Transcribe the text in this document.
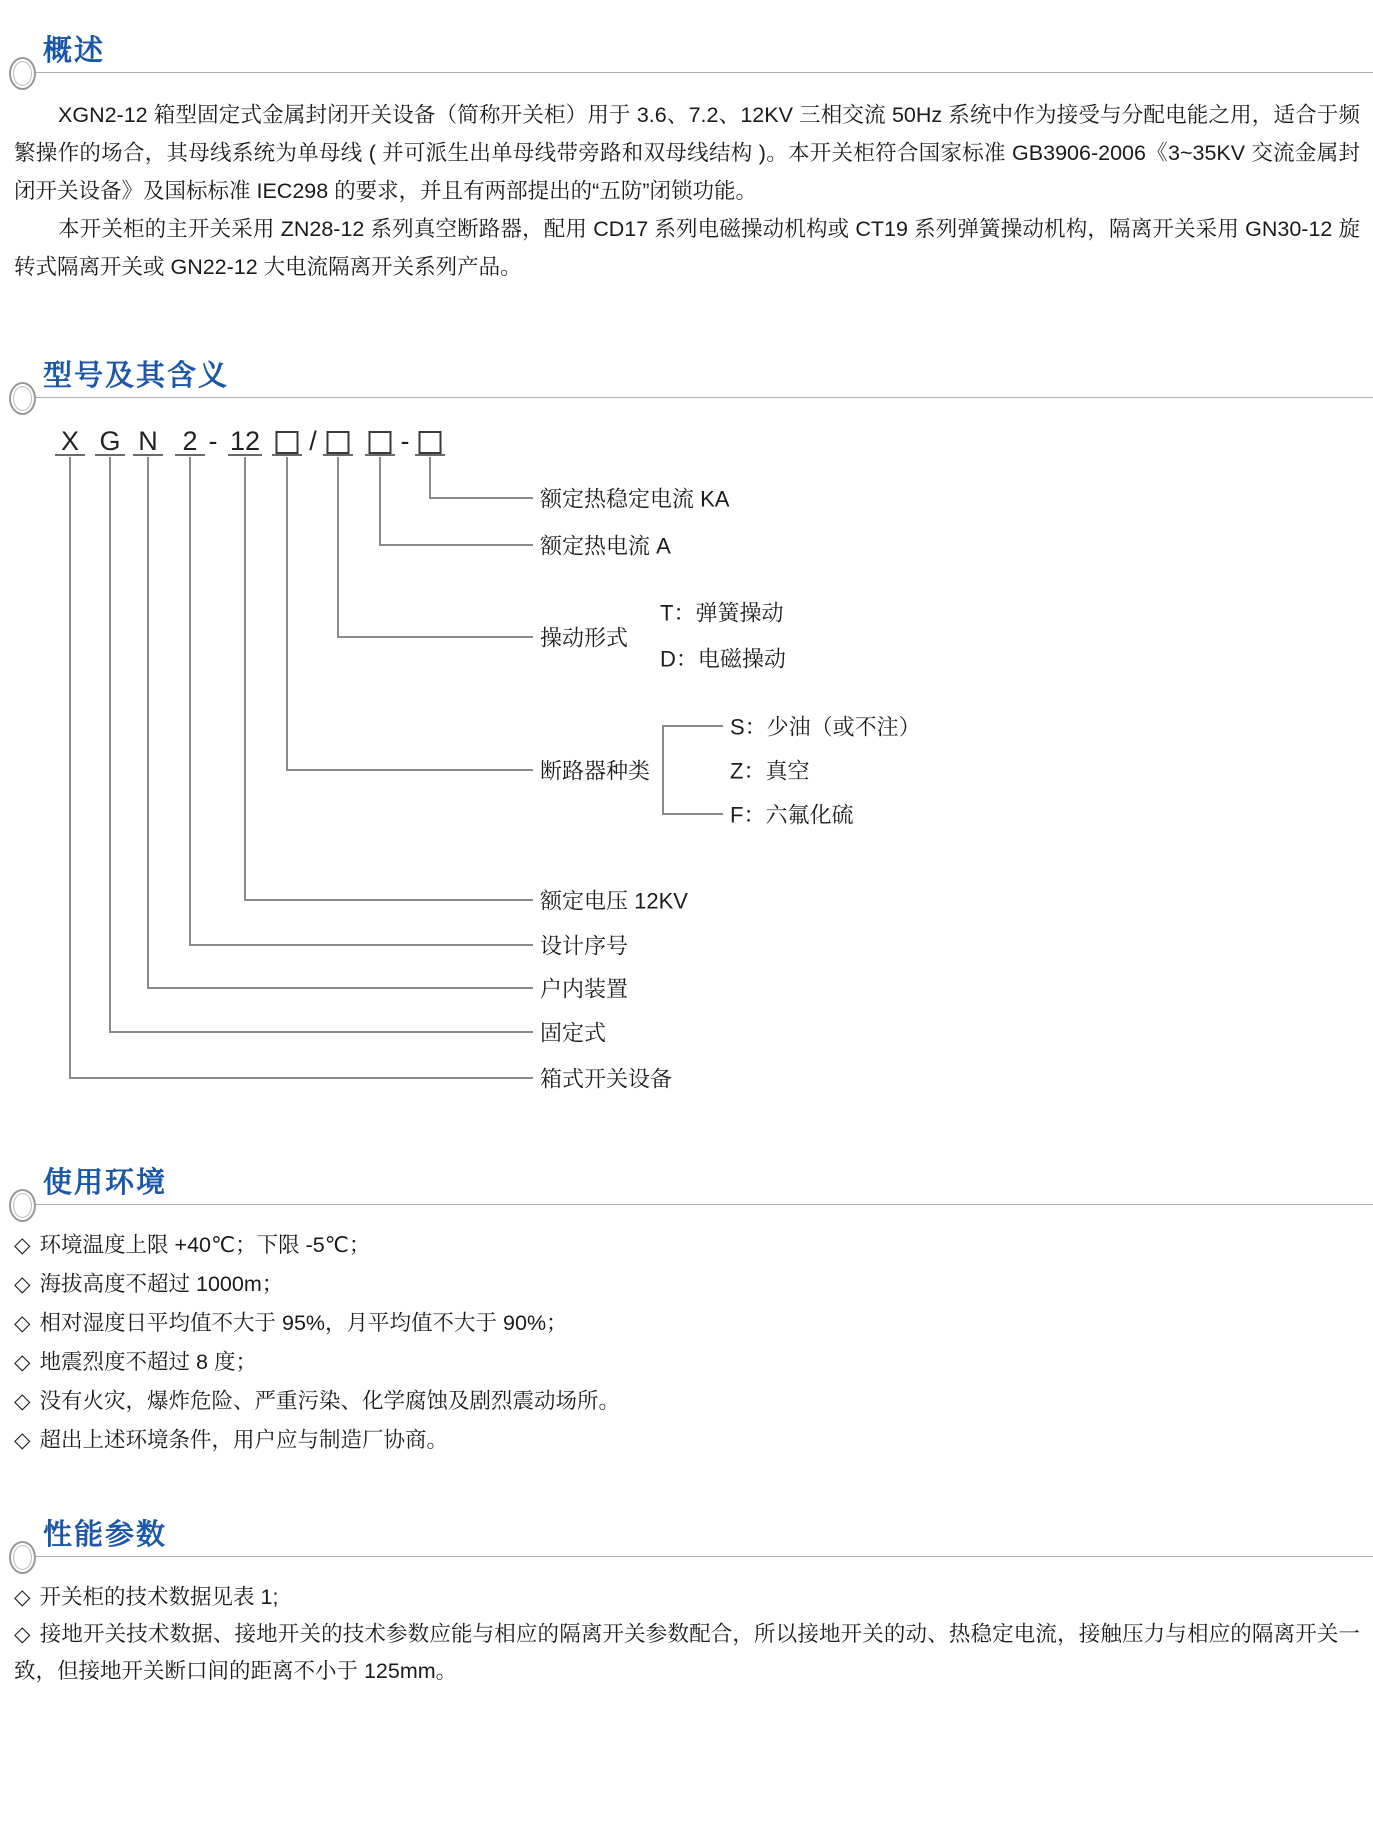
概述

XGN2-12 箱型固定式金属封闭开关设备（简称开关柜）用于 3.6、7.2、12KV 三相交流 50Hz 系统中作为接受与分配电能之用，适合于频繁操作的场合，其母线系统为单母线 ( 并可派生出单母线带旁路和双母线结构 )。本开关柜符合国家标准 GB3906-2006《3~35KV 交流金属封闭开关设备》及国标标准 IEC298 的要求，并且有两部提出的“五防”闭锁功能。

本开关柜的主开关采用 ZN28-12 系列真空断路器，配用 CD17 系列电磁操动机构或 CT19 系列弹簧操动机构，隔离开关采用 GN30-12 旋转式隔离开关或 GN22-12 大电流隔离开关系列产品。

型号及其含义
X G N 2 - 12 /	-
额定热稳定电流 KA
额定热电流 A
操动形式
T：弹簧操动
D：电磁操动
断路器种类
S：少油（或不注）
Z：真空
F：六氟化硫
额定电压 12KV
设计序号
户内装置
固定式
箱式开关设备
使用环境
◇ 环境温度上限 +40℃；下限 -5℃；
◇ 海拔高度不超过 1000m；
◇ 相对湿度日平均值不大于 95%，月平均值不大于 90%；
◇ 地震烈度不超过 8 度；
◇ 没有火灾，爆炸危险、严重污染、化学腐蚀及剧烈震动场所。
◇ 超出上述环境条件，用户应与制造厂协商。
性能参数
◇ 开关柜的技术数据见表 1;
◇ 接地开关技术数据、接地开关的技术参数应能与相应的隔离开关参数配合，所以接地开关的动、热稳定电流，接触压力与相应的隔离开关一致，但接地开关断口间的距离不小于 125mm。
